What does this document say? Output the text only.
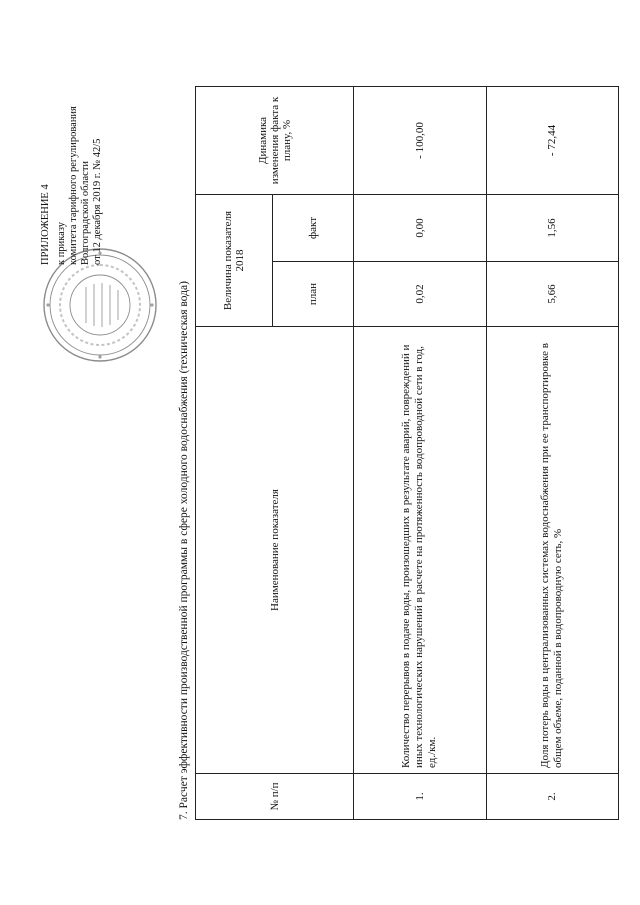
ПРИЛОЖЕНИЕ 4 к приказу комитета тарифного регулирования Волгоградской области от 12 декабря 2019 г. № 42/5
7. Расчет эффективности производственной программы в сфере холодного водоснабжения (техническая вода)	№ п/п	Наименование показателя	Величина показателя 2018		Динамика изменения факта к плану, %
		план	факт	
1.	Количество перерывов в подаче воды, произошедших в результате аварий, повреждений и иных технологических нарушений в расчете на протяженность водопроводной сети в год, ед./км.	0,02	0,00	- 100,00
2.	Доля потерь воды в централизованных системах водоснабжения при ее транспортировке в общем объеме, поданной в водопроводную сеть, %	5,66	1,56	- 72,44
